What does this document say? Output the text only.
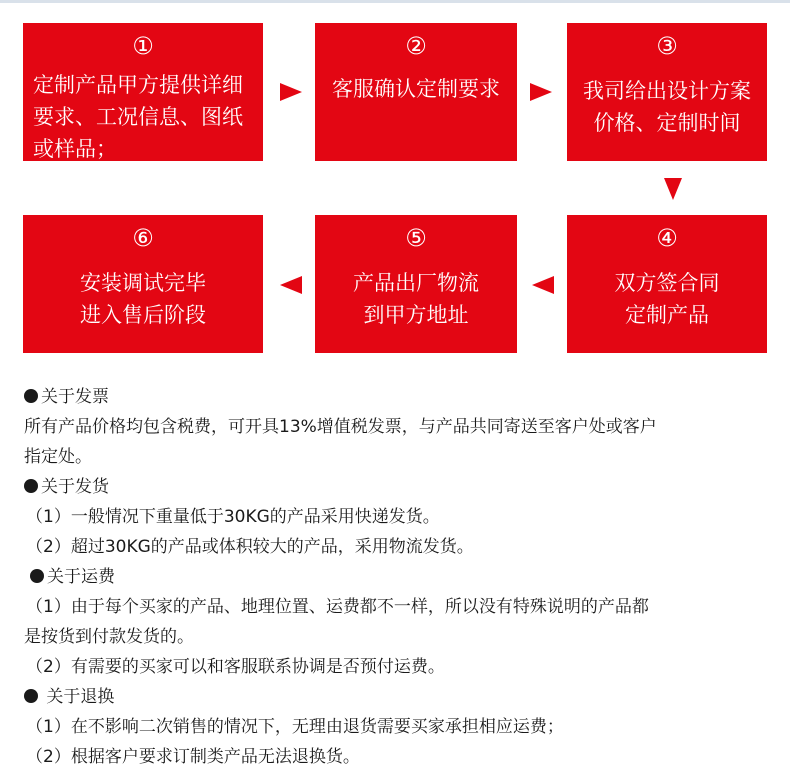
①
定制产品甲方提供详细
要求、工况信息、图纸
或样品；
②
客服确认定制要求
③
我司给出设计方案
价格、定制时间
⑥
安装调试完毕
进入售后阶段
⑤
产品出厂物流
到甲方地址
④
双方签合同
定制产品

关于发票

所有产品价格均包含税费，可开具13%增值税发票，与产品共同寄送至客户处或客户

指定处。

关于发货

（1）一般情况下重量低于30KG的产品采用快递发货。

（2）超过30KG的产品或体积较大的产品，采用物流发货。

关于运费

（1）由于每个买家的产品、地理位置、运费都不一样，所以没有特殊说明的产品都

是按货到付款发货的。

（2）有需要的买家可以和客服联系协调是否预付运费。

关于退换

（1）在不影响二次销售的情况下，无理由退货需要买家承担相应运费；

（2）根据客户要求订制类产品无法退换货。
